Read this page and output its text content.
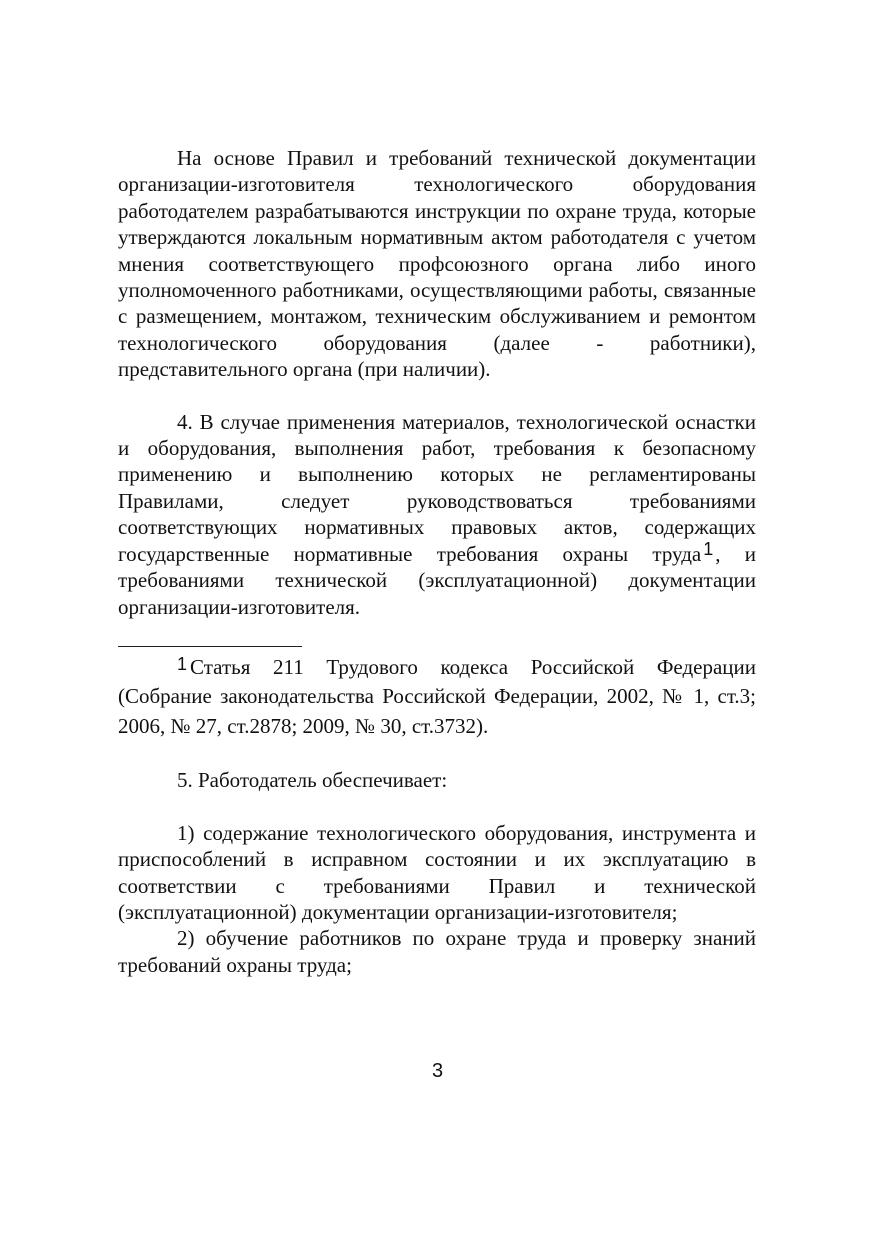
На основе Правил и требований технической документации организации-изготовителя технологического оборудования работодателем разрабатываются инструкции по охране труда, которые утверждаются локальным нормативным актом работодателя с учетом мнения соответствующего профсоюзного органа либо иного уполномоченного работниками, осуществляющими работы, связанные с размещением, монтажом, техническим обслуживанием и ремонтом технологического оборудования (далее - работники), представительного органа (при наличии).

4. В случае применения материалов, технологической оснастки и оборудования, выполнения работ, требования к безопасному применению и выполнению которых не регламентированы Правилами, следует руководствоваться требованиями соответствующих нормативных правовых актов, содержащих государственные нормативные требования охраны труда 1, и требованиями технической (эксплуатационной) документации организации-изготовителя.

1 Статья 211 Трудового кодекса Российской Федерации (Собрание законодательства Российской Федерации, 2002, № 1, ст.3; 2006, № 27, ст.2878; 2009, № 30, ст.3732).

5. Работодатель обеспечивает:

1) содержание технологического оборудования, инструмента и приспособлений в исправном состоянии и их эксплуатацию в соответствии с требованиями Правил и технической (эксплуатационной) документации организации-изготовителя;

2) обучение работников по охране труда и проверку знаний требований охраны труда;

3
